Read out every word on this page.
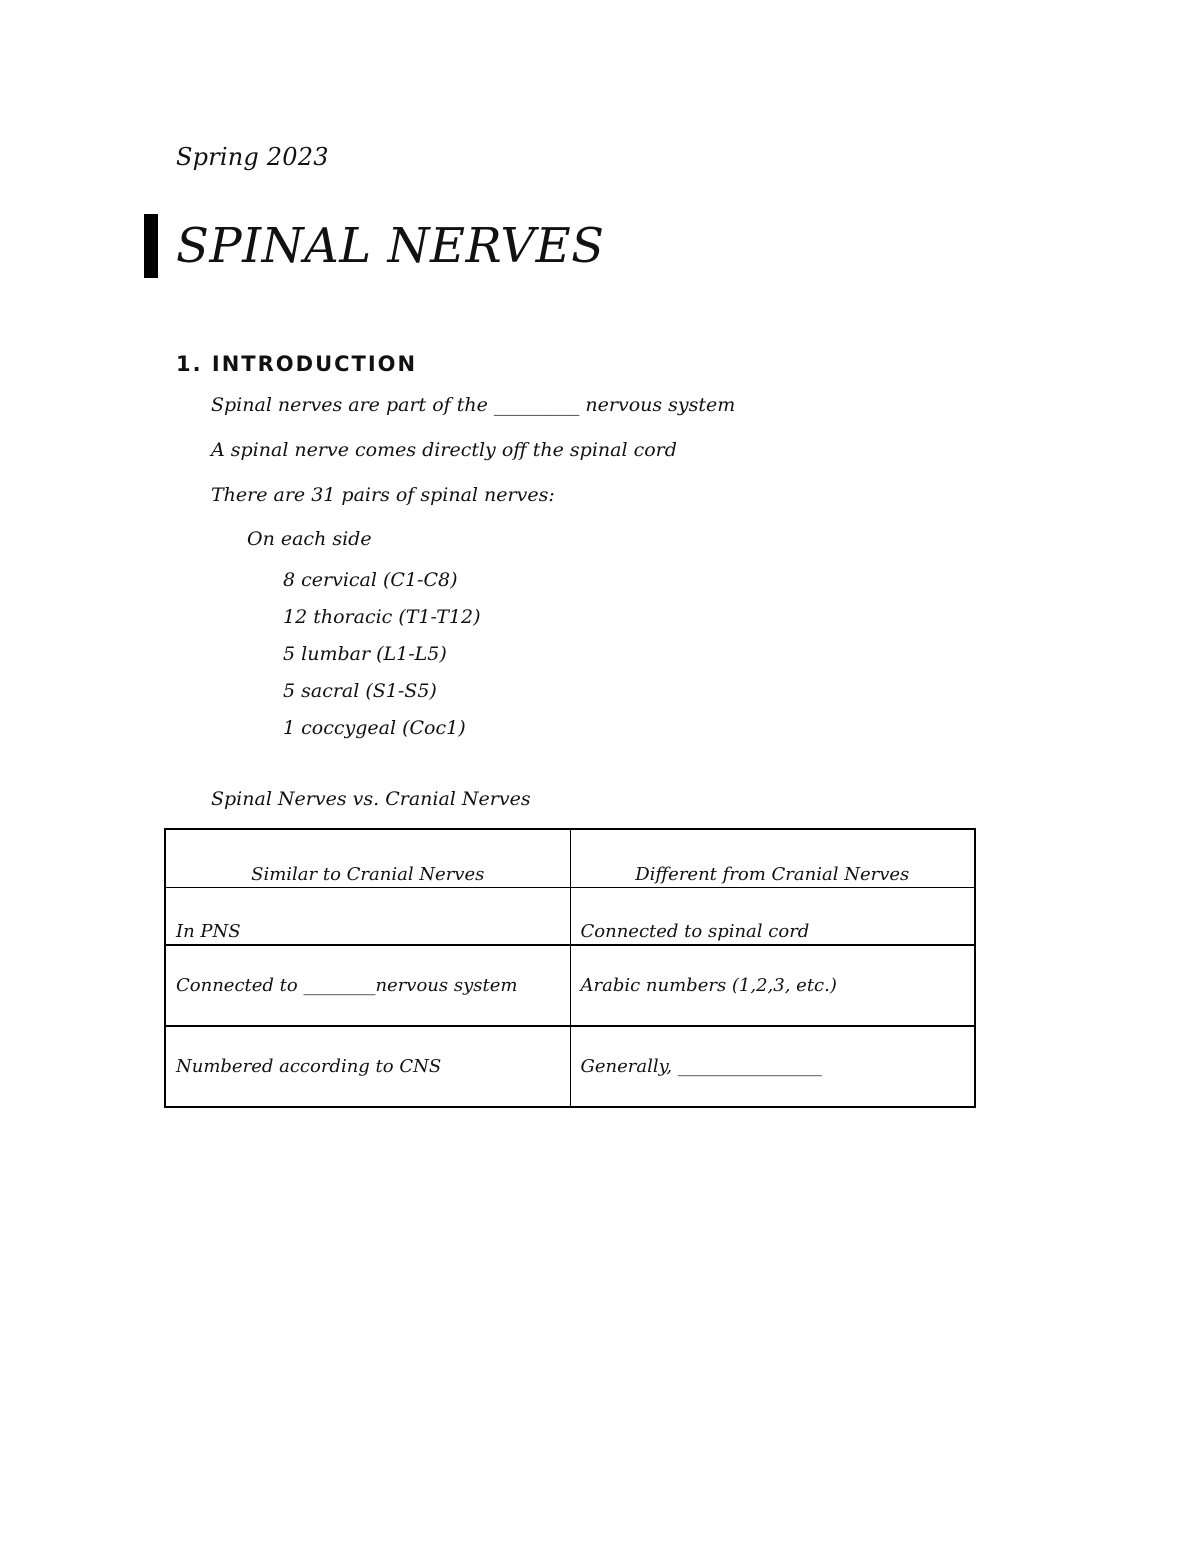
Spring 2023
SPINAL NERVES
1. INTRODUCTION
Spinal nerves are part of the _________ nervous system
A spinal nerve comes directly off the spinal cord
There are 31 pairs of spinal nerves:
On each side
8 cervical (C1-C8)
12 thoracic (T1-T12)
5 lumbar (L1-L5)
5 sacral (S1-S5)
1 coccygeal (Coc1)
Spinal Nerves vs. Cranial Nerves
Similar to Cranial Nerves	Different from Cranial Nerves
In PNS	Connected to spinal cord
Connected to ________nervous system	Arabic numbers (1,2,3, etc.)
Numbered according to CNS	Generally, ________________
